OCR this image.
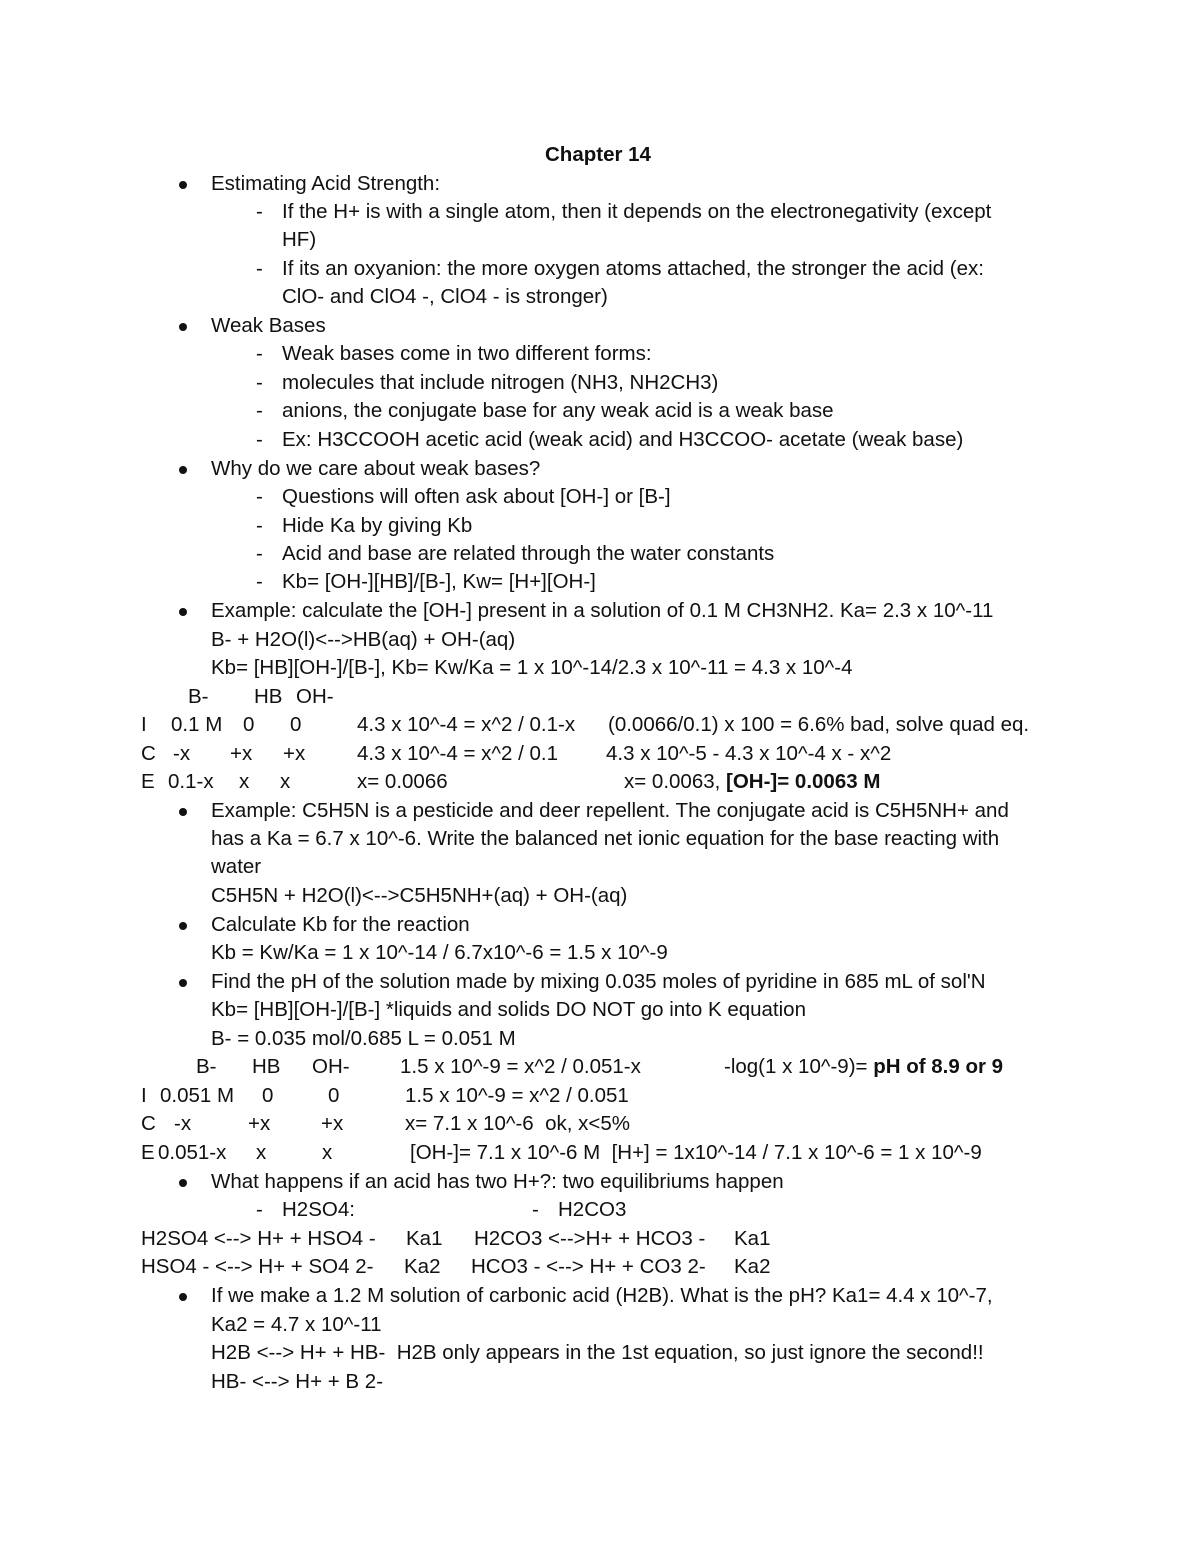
Chapter 14
Estimating Acid Strength:
- If the H+ is with a single atom, then it depends on the electronegativity (except
HF)
- If its an oxyanion: the more oxygen atoms attached, the stronger the acid (ex:
ClO- and ClO4 -, ClO4 - is stronger)
Weak Bases
- Weak bases come in two different forms:
- molecules that include nitrogen (NH3, NH2CH3)
- anions, the conjugate base for any weak acid is a weak base
- Ex: H3CCOOH acetic acid (weak acid) and H3CCOO- acetate (weak base)
Why do we care about weak bases?
- Questions will often ask about [OH-] or [B-]
- Hide Ka by giving Kb
- Acid and base are related through the water constants
- Kb= [OH-][HB]/[B-], Kw= [H+][OH-]
Example: calculate the [OH-] present in a solution of 0.1 M CH3NH2. Ka= 2.3 x 10^-11
B- + H2O(l)<-->HB(aq) + OH-(aq)
Kb= [HB][OH-]/[B-], Kb= Kw/Ka = 1 x 10^-14/2.3 x 10^-11 = 4.3 x 10^-4
B- HB OH-
I 0.1 M 0 0	4.3 x 10^-4 = x^2 / 0.1-x (0.0066/0.1) x 100 = 6.6% bad, solve quad eq.
C -x +x +x	4.3 x 10^-4 = x^2 / 0.1 4.3 x 10^-5 - 4.3 x 10^-4 x - x^2
E 0.1-x x x	x= 0.0066	x= 0.0063, [OH-]= 0.0063 M
Example: C5H5N is a pesticide and deer repellent. The conjugate acid is C5H5NH+ and
has a Ka = 6.7 x 10^-6. Write the balanced net ionic equation for the base reacting with
water
C5H5N + H2O(l)<-->C5H5NH+(aq) + OH-(aq)
Calculate Kb for the reaction
Kb = Kw/Ka = 1 x 10^-14 / 6.7x10^-6 = 1.5 x 10^-9
Find the pH of the solution made by mixing 0.035 moles of pyridine in 685 mL of sol'N
Kb= [HB][OH-]/[B-] *liquids and solids DO NOT go into K equation
B- = 0.035 mol/0.685 L = 0.051 M
B- HB OH- 1.5 x 10^-9 = x^2 / 0.051-x	-log(1 x 10^-9)= pH of 8.9 or 9
I 0.051 M 0	0	1.5 x 10^-9 = x^2 / 0.051
C -x	+x +x	x= 7.1 x 10^-6  ok, x<5%
E 0.051-x x	x	[OH-]= 7.1 x 10^-6 M  [H+] = 1x10^-14 / 7.1 x 10^-6 = 1 x 10^-9
What happens if an acid has two H+?: two equilibriums happen
- H2SO4:
-	H2CO3
H2SO4 <--> H+ + HSO4 - Ka1 H2CO3 <-->H+ + HCO3 - Ka1
HSO4 - <--> H+ + SO4 2- Ka2 HCO3 - <--> H+ + CO3 2- Ka2
If we make a 1.2 M solution of carbonic acid (H2B). What is the pH? Ka1= 4.4 x 10^-7,
Ka2 = 4.7 x 10^-11
H2B <--> H+ + HB-  H2B only appears in the 1st equation, so just ignore the second!!
HB- <--> H+ + B 2-
